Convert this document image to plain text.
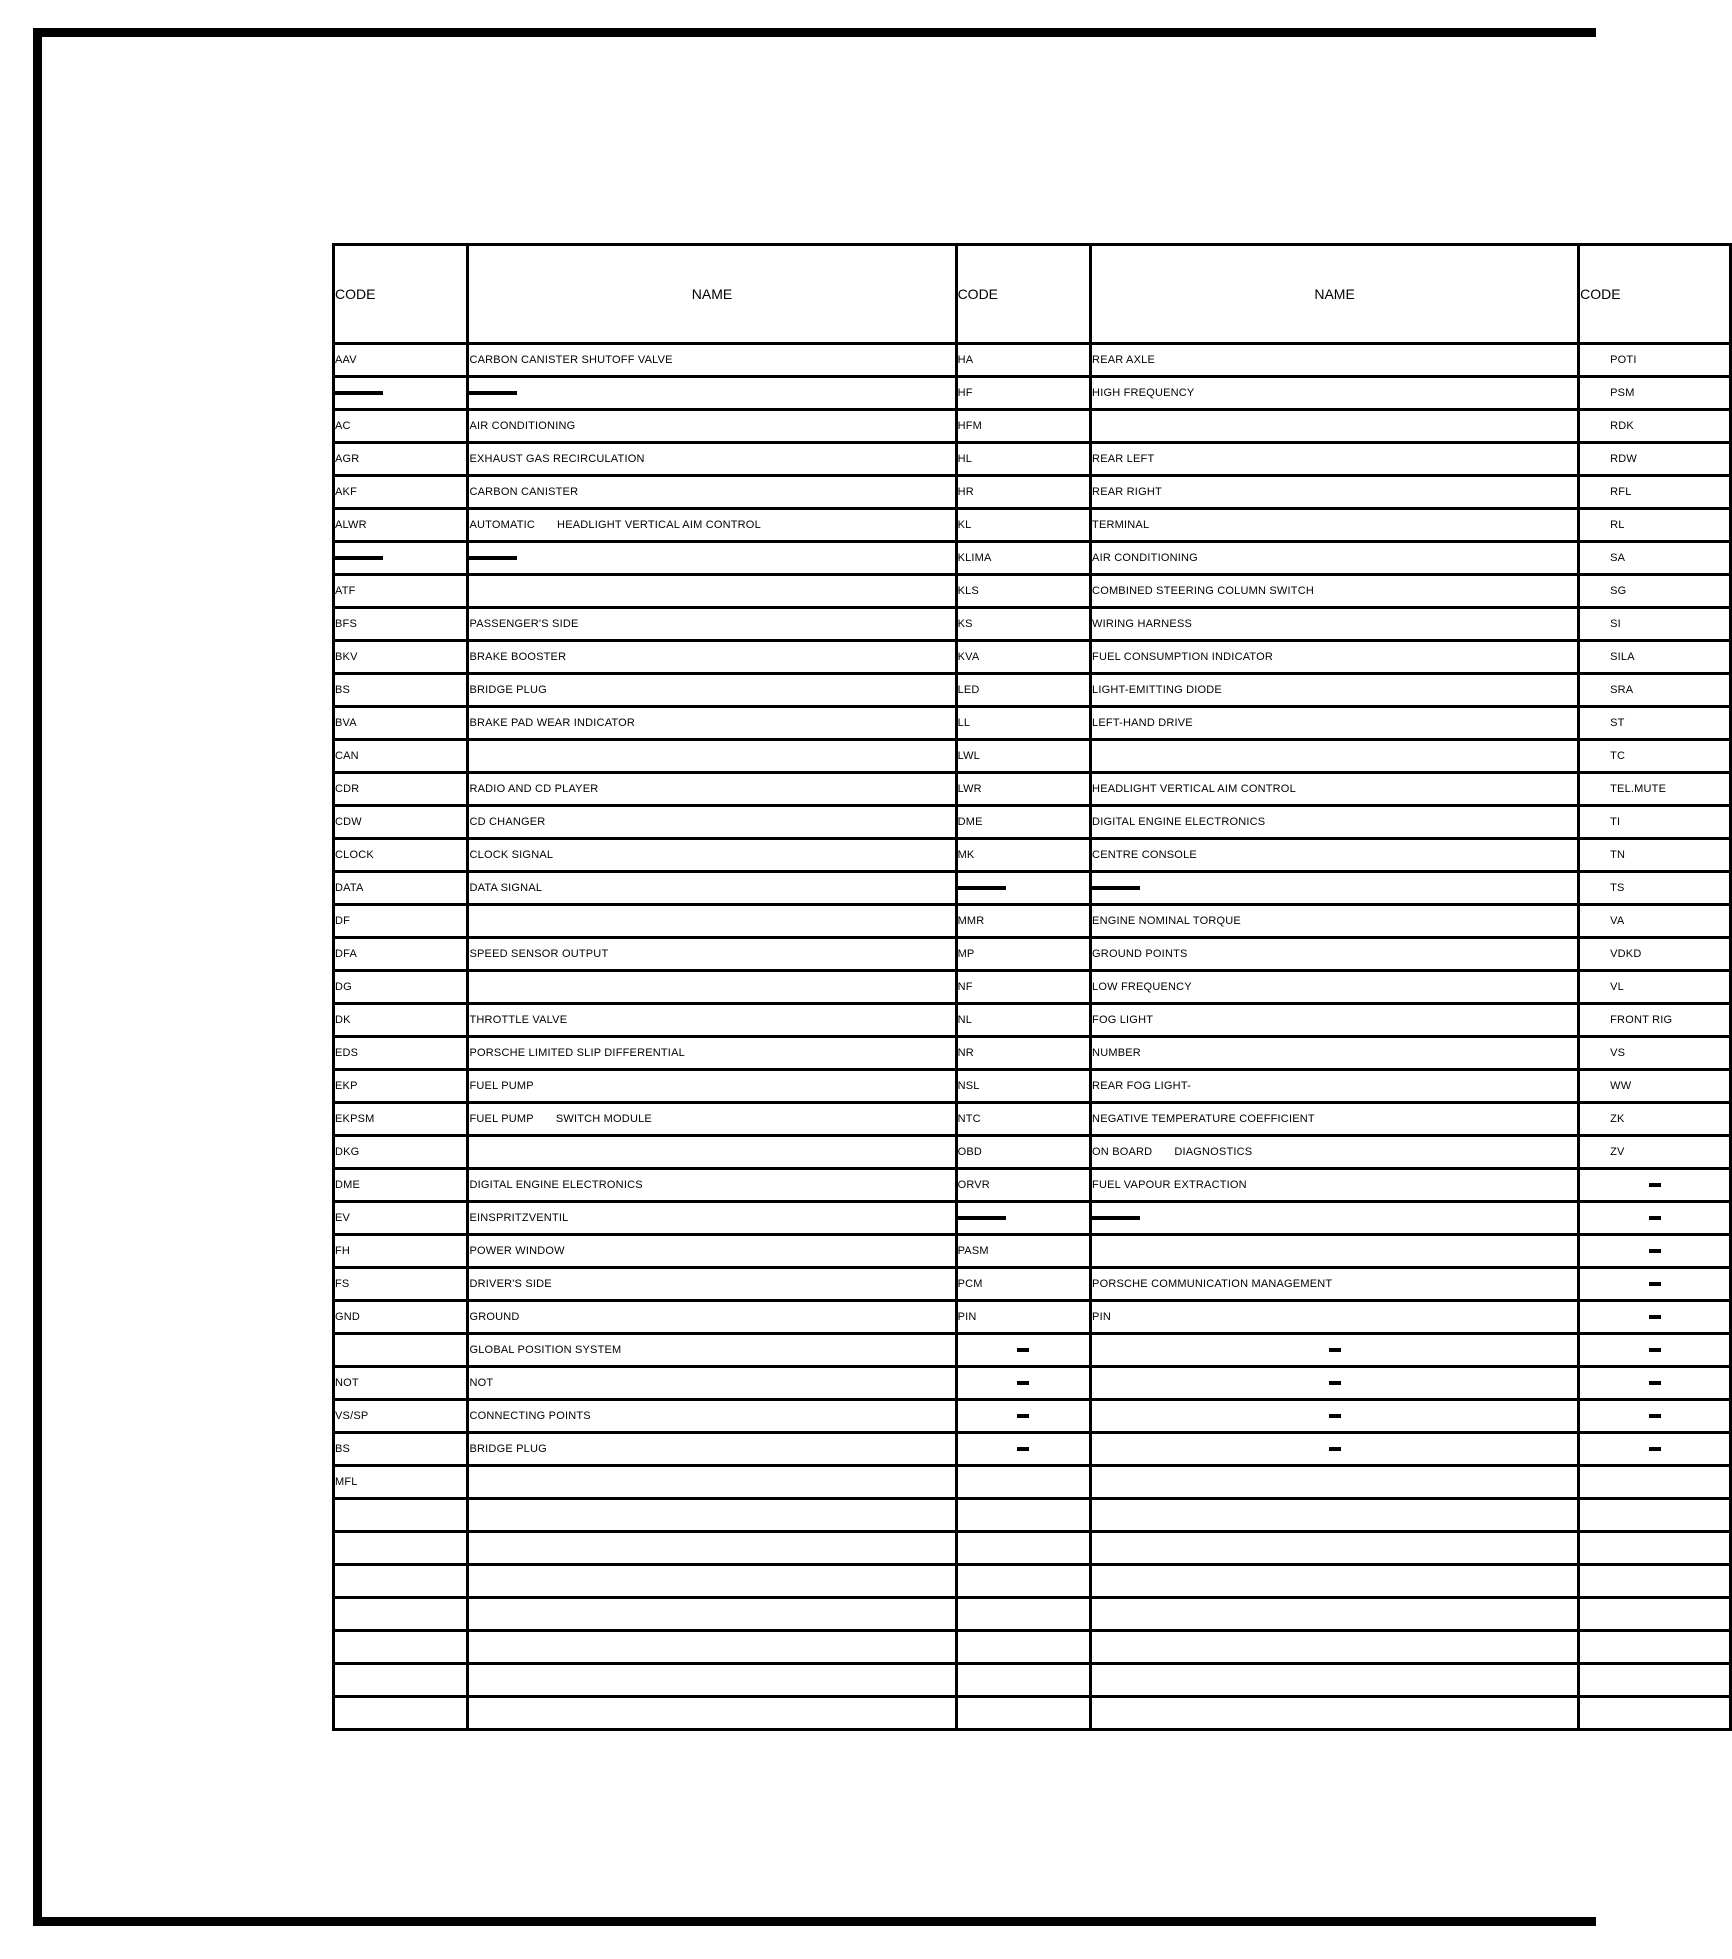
CODE	NAME	CODE	NAME	CODE
AAV	CARBON CANISTER SHUTOFF VALVE	HA	REAR AXLE	POTI
		HF	HIGH FREQUENCY	PSM
AC	AIR CONDITIONING	HFM		RDK
AGR	EXHAUST GAS RECIRCULATION	HL	REAR LEFT	RDW
AKF	CARBON CANISTER	HR	REAR RIGHT	RFL
ALWR	AUTOMATIC HEADLIGHT VERTICAL AIM CONTROL	KL	TERMINAL	RL
		KLIMA	AIR CONDITIONING	SA
ATF		KLS	COMBINED STEERING COLUMN SWITCH	SG
BFS	PASSENGER'S SIDE	KS	WIRING HARNESS	SI
BKV	BRAKE BOOSTER	KVA	FUEL CONSUMPTION INDICATOR	SILA
BS	BRIDGE PLUG	LED	LIGHT-EMITTING DIODE	SRA
BVA	BRAKE PAD WEAR INDICATOR	LL	LEFT-HAND DRIVE	ST
CAN		LWL		TC
CDR	RADIO AND CD PLAYER	LWR	HEADLIGHT VERTICAL AIM CONTROL	TEL.MUTE
CDW	CD CHANGER	DME	DIGITAL ENGINE ELECTRONICS	TI
CLOCK	CLOCK SIGNAL	MK	CENTRE CONSOLE	TN
DATA	DATA SIGNAL			TS
DF		MMR	ENGINE NOMINAL TORQUE	VA
DFA	SPEED SENSOR OUTPUT	MP	GROUND POINTS	VDKD
DG		NF	LOW FREQUENCY	VL
DK	THROTTLE VALVE	NL	FOG LIGHT	FRONT RIG
EDS	PORSCHE LIMITED SLIP DIFFERENTIAL	NR	NUMBER	VS
EKP	FUEL PUMP	NSL	REAR FOG LIGHT-	WW
EKPSM	FUEL PUMP SWITCH MODULE	NTC	NEGATIVE TEMPERATURE COEFFICIENT	ZK
DKG		OBD	ON BOARD DIAGNOSTICS	ZV
DME	DIGITAL ENGINE ELECTRONICS	ORVR	FUEL VAPOUR EXTRACTION	
EV	EINSPRITZVENTIL			
FH	POWER WINDOW	PASM		
FS	DRIVER'S SIDE	PCM	PORSCHE COMMUNICATION MANAGEMENT	
GND	GROUND	PIN	PIN	
	GLOBAL POSITION SYSTEM			
NOT	NOT			
VS/SP	CONNECTING POINTS			
BS	BRIDGE PLUG			
MFL				
